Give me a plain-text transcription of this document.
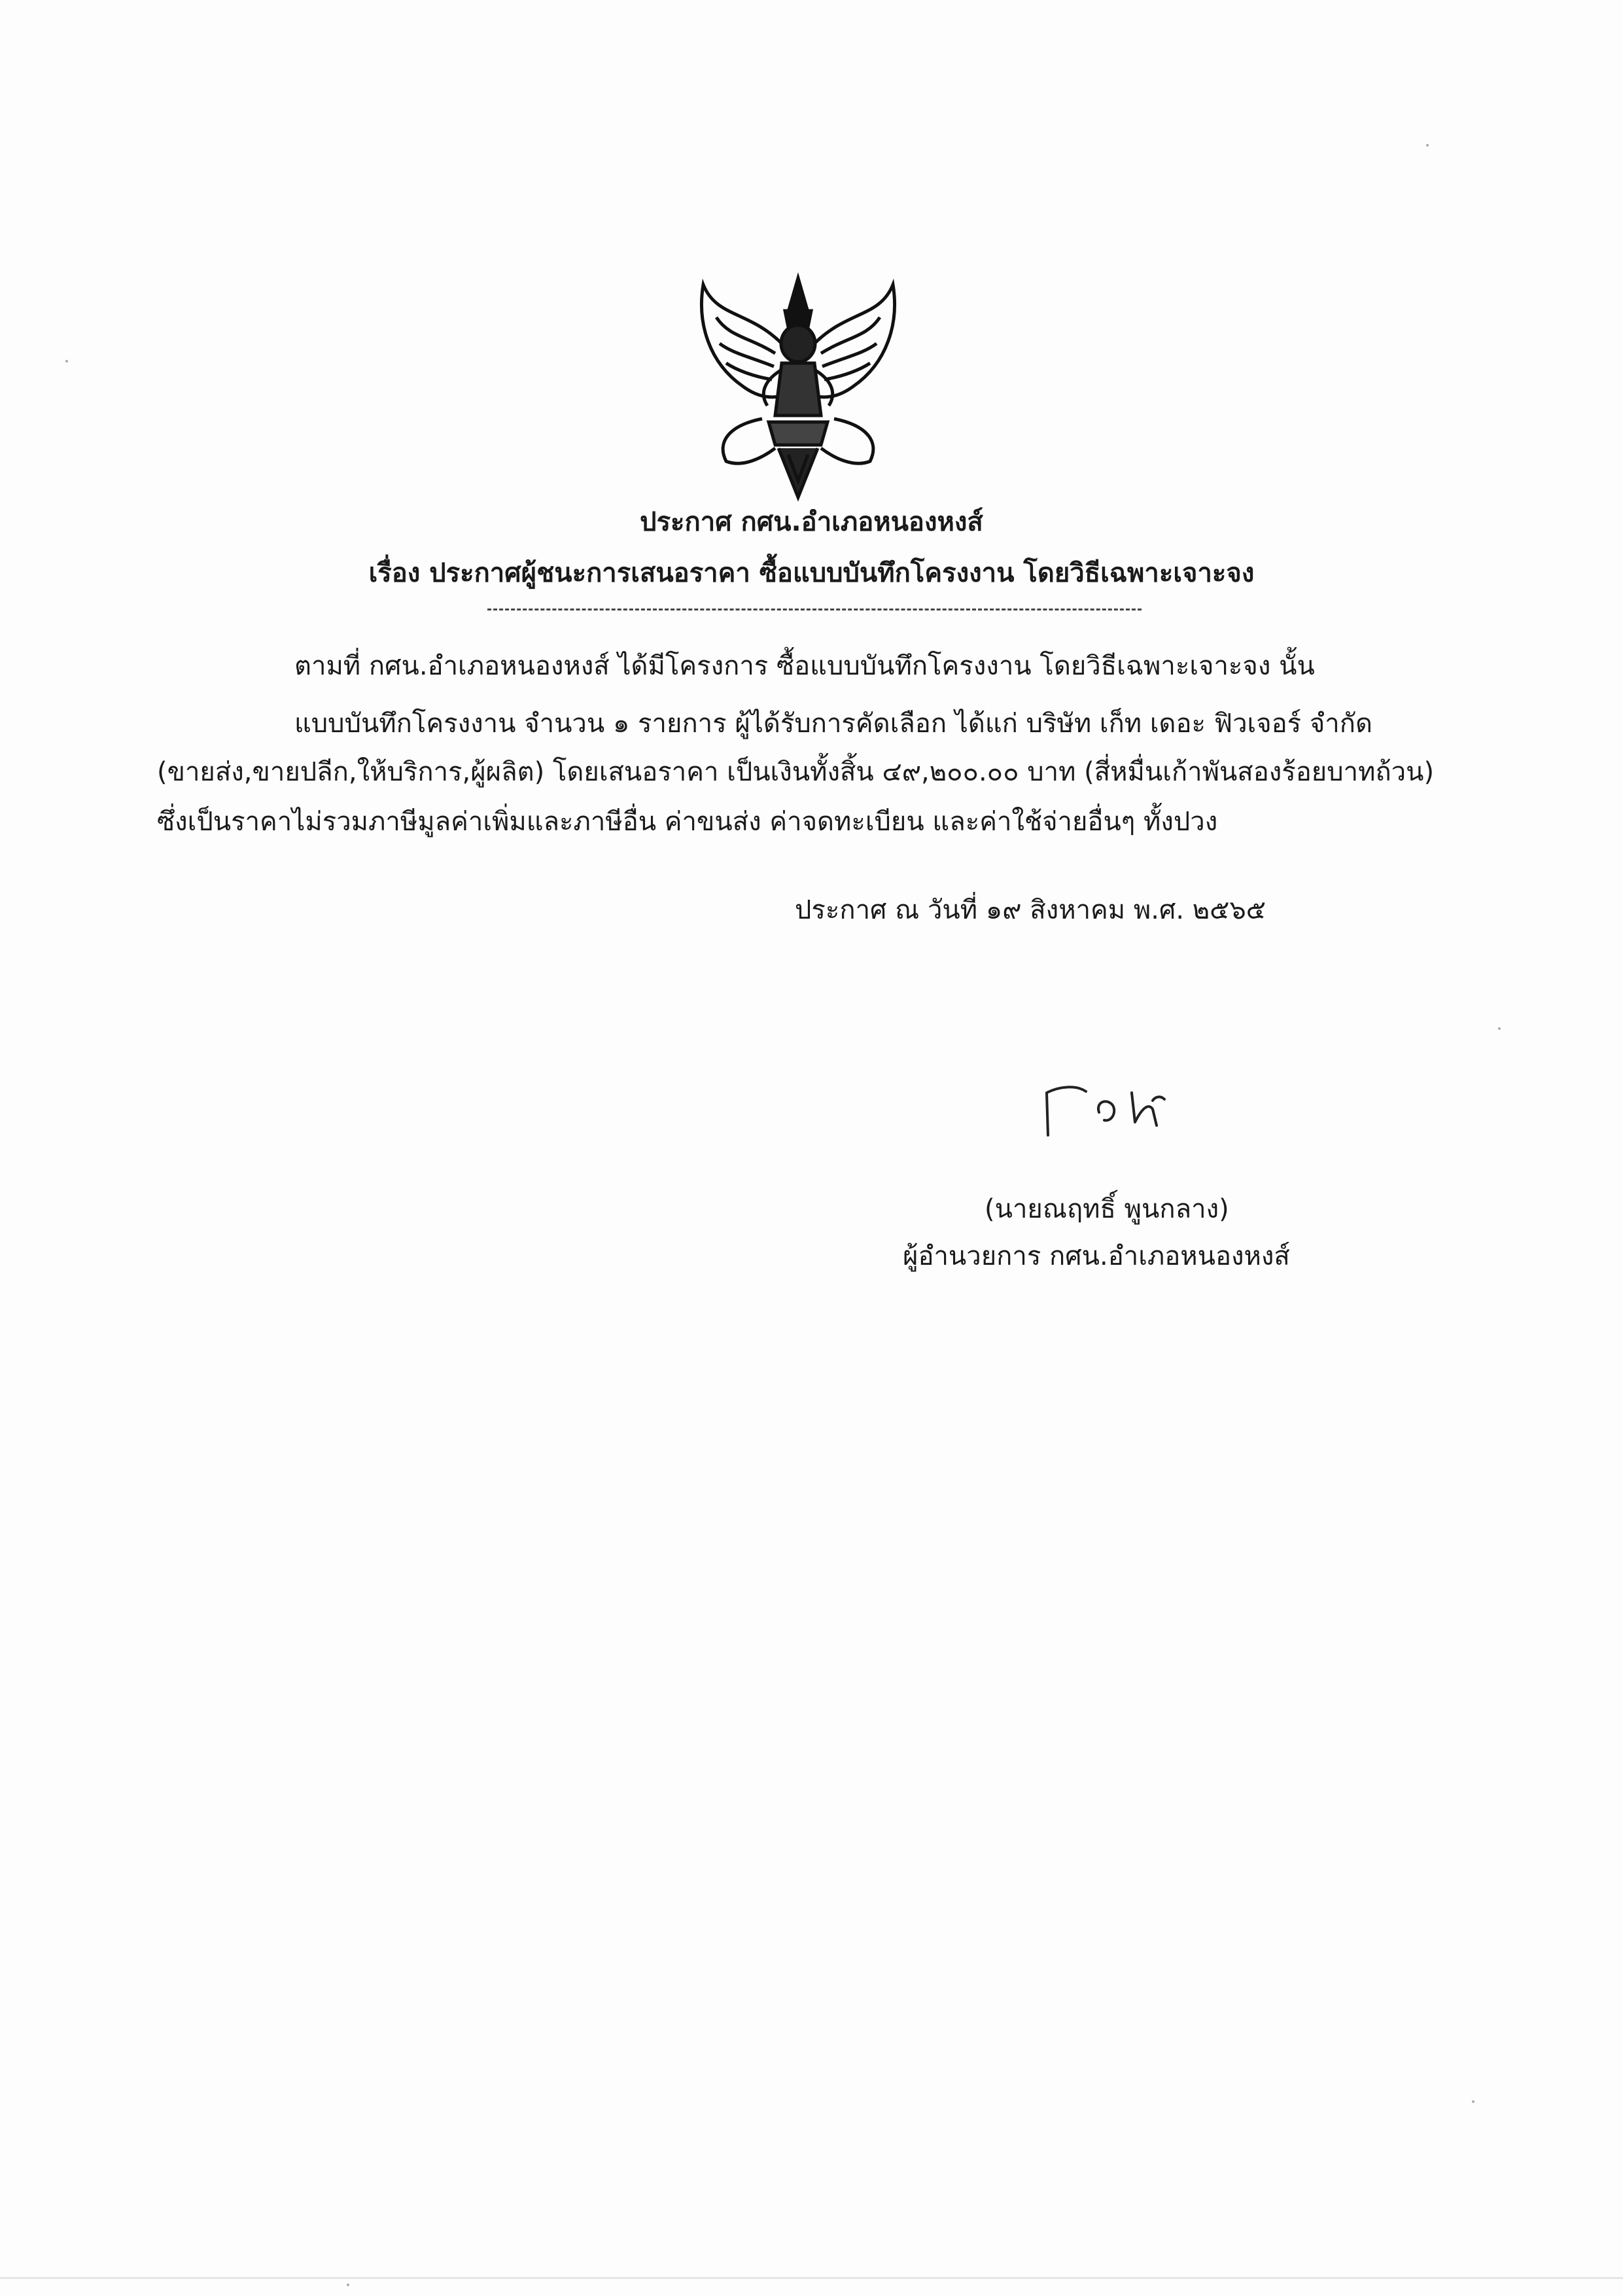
ประกาศ กศน.อำเภอหนองหงส์
เรื่อง ประกาศผู้ชนะการเสนอราคา ซื้อแบบบันทึกโครงงาน โดยวิธีเฉพาะเจาะจง
ตามที่ กศน.อำเภอหนองหงส์ ได้มีโครงการ ซื้อแบบบันทึกโครงงาน โดยวิธีเฉพาะเจาะจง นั้น
แบบบันทึกโครงงาน จำนวน ๑ รายการ ผู้ได้รับการคัดเลือก ได้แก่ บริษัท เก็ท เดอะ ฟิวเจอร์ จำกัด
(ขายส่ง,ขายปลีก,ให้บริการ,ผู้ผลิต) โดยเสนอราคา เป็นเงินทั้งสิ้น ๔๙,๒๐๐.๐๐ บาท (สี่หมื่นเก้าพันสองร้อยบาทถ้วน)
ซึ่งเป็นราคาไม่รวมภาษีมูลค่าเพิ่มและภาษีอื่น ค่าขนส่ง ค่าจดทะเบียน และค่าใช้จ่ายอื่นๆ ทั้งปวง
ประกาศ ณ วันที่ ๑๙ สิงหาคม พ.ศ. ๒๕๖๕
(นายณฤทธิ์ พูนกลาง)
ผู้อำนวยการ กศน.อำเภอหนองหงส์
